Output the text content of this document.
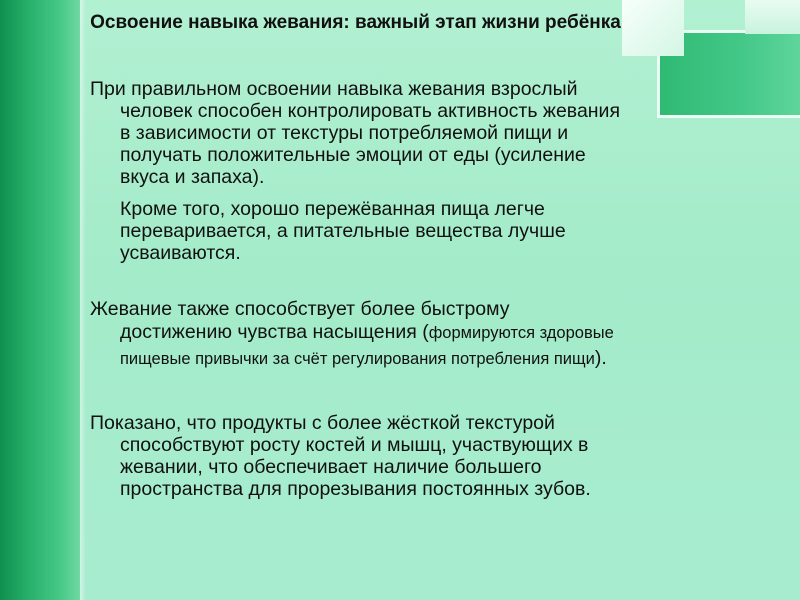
Освоение навыка жевания: важный этап жизни ребёнка

При правильном освоении навыка жевания взрослый человек способен контролировать активность жевания в зависимости от текстуры потребляемой пищи и получать положительные эмоции от еды (усиление вкуса и запаха).

Кроме того, хорошо пережёванная пища легче переваривается, а питательные вещества лучше усваиваются.

Жевание также способствует более быстрому достижению чувства насыщения (формируются здоровые пищевые привычки за счёт регулирования потребления пищи).

Показано, что продукты с более жёсткой текстурой способствуют росту костей и мышц, участвующих в жевании, что обеспечивает наличие большего пространства для прорезывания постоянных зубов.
